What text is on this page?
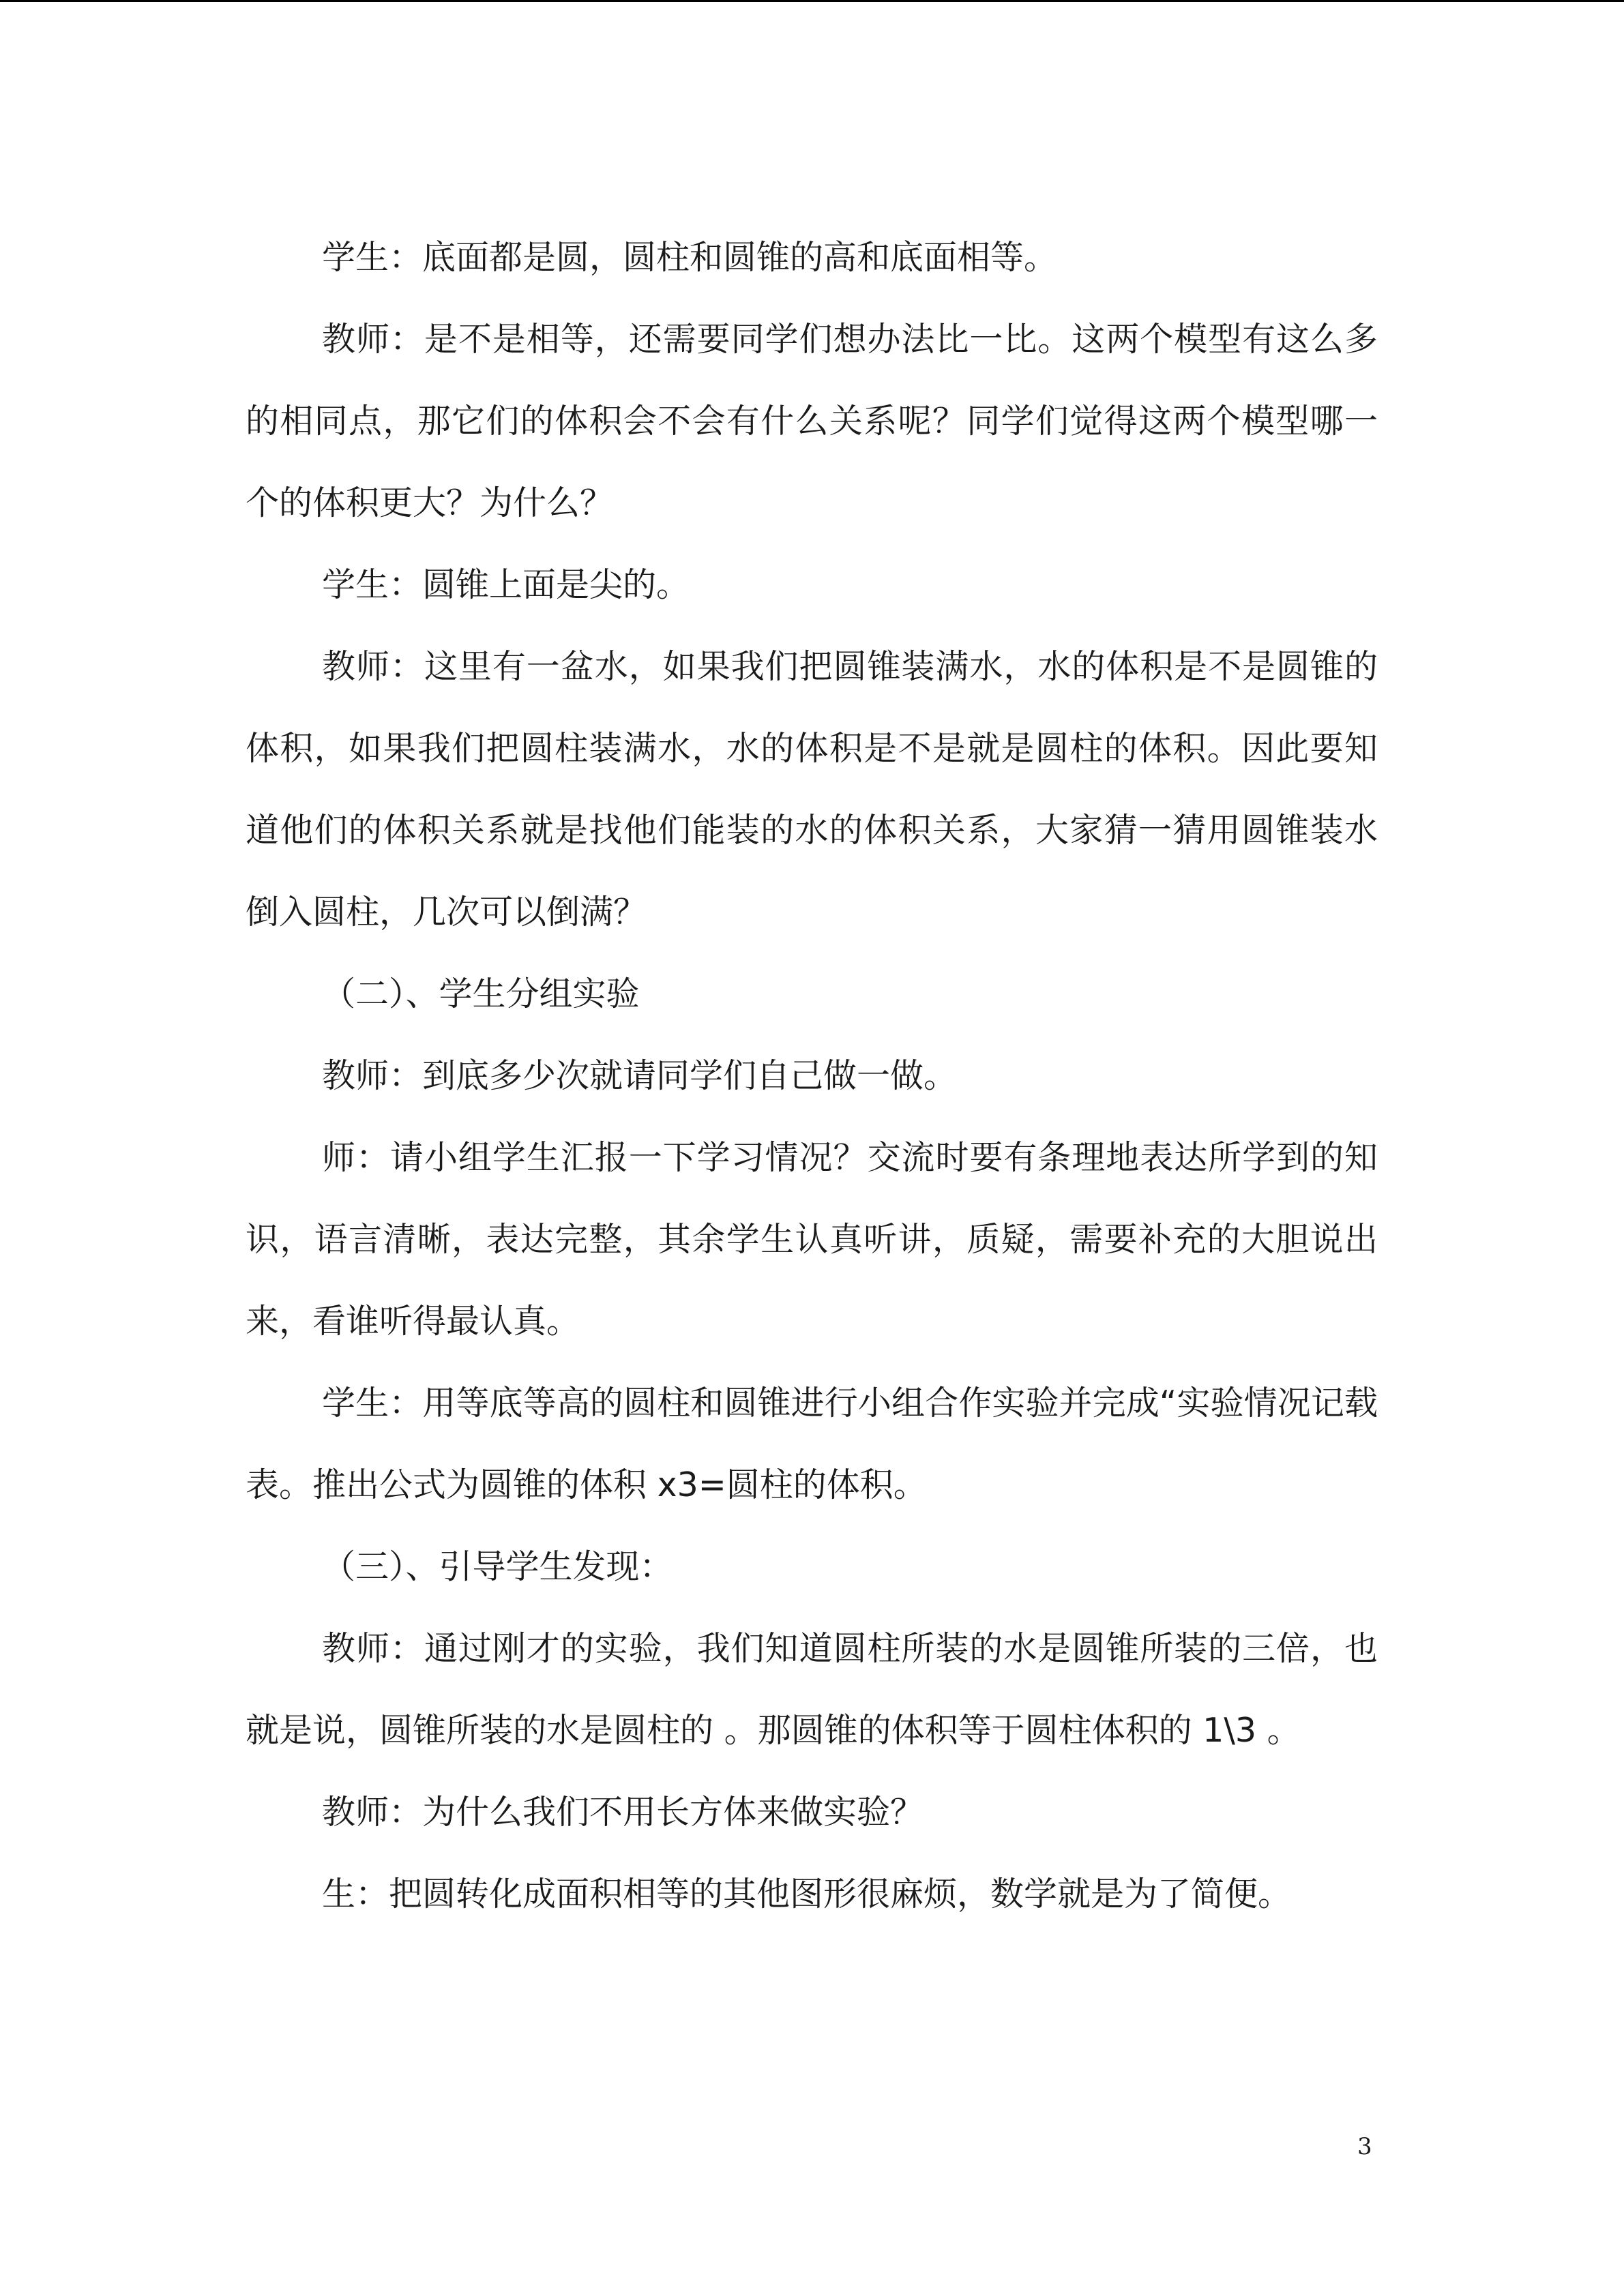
学生：底面都是圆，圆柱和圆锥的高和底面相等。

教师：是不是相等，还需要同学们想办法比一比。这两个模型有这么多的相同点，那它们的体积会不会有什么关系呢？同学们觉得这两个模型哪一个的体积更大？为什么？

学生：圆锥上面是尖的。

教师：这里有一盆水，如果我们把圆锥装满水，水的体积是不是圆锥的体积，如果我们把圆柱装满水，水的体积是不是就是圆柱的体积。因此要知道他们的体积关系就是找他们能装的水的体积关系，大家猜一猜用圆锥装水倒入圆柱，几次可以倒满？

（二）、学生分组实验

教师：到底多少次就请同学们自己做一做。

师：请小组学生汇报一下学习情况？交流时要有条理地表达所学到的知识，语言清晰，表达完整，其余学生认真听讲，质疑，需要补充的大胆说出来，看谁听得最认真。

学生：用等底等高的圆柱和圆锥进行小组合作实验并完成“实验情况记载表。推出公式为圆锥的体积 x3=圆柱的体积。

（三）、引导学生发现：

教师：通过刚才的实验，我们知道圆柱所装的水是圆锥所装的三倍，也就是说，圆锥所装的水是圆柱的 。那圆锥的体积等于圆柱体积的 1\3 。

教师：为什么我们不用长方体来做实验？

生：把圆转化成面积相等的其他图形很麻烦，数学就是为了简便。

3
